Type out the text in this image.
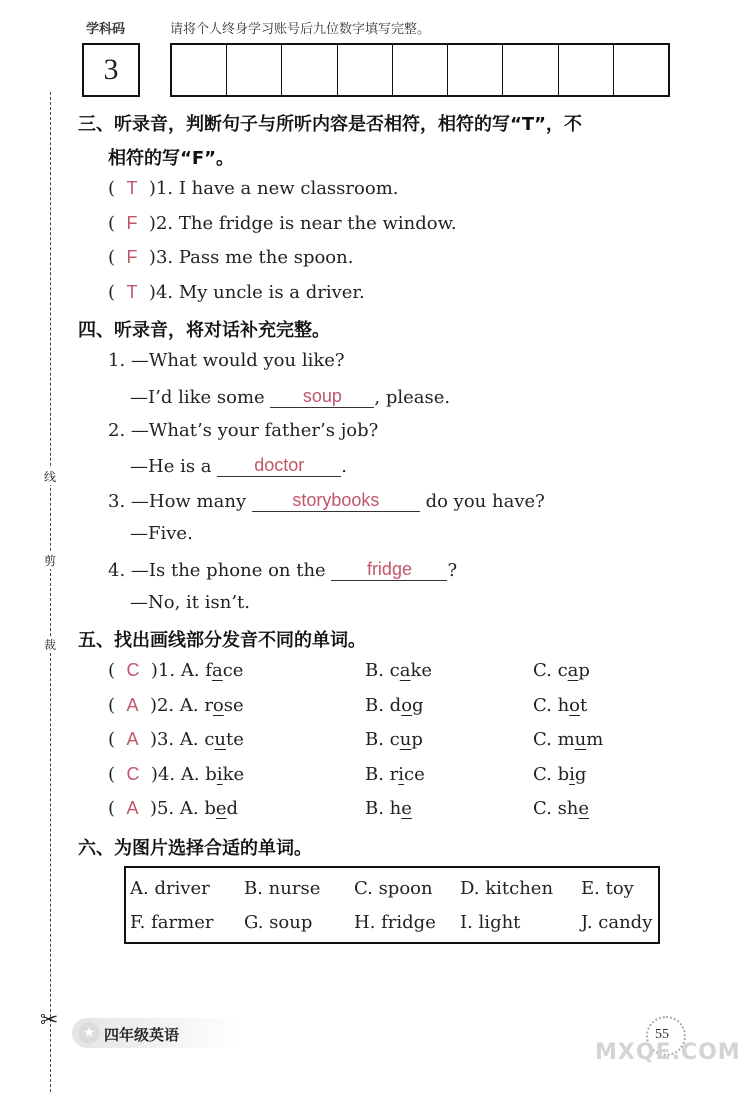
学科码	请将个人终身学习账号后九位数字填写完整。
3
线
剪
裁
✂
三、听录音，判断句子与所听内容是否相符，相符的写“T”，不
相符的写“F”。
(  T )1. I have a new classroom.
(  F )2. The fridge is near the window.
(  F )3. Pass me the spoon.
(  T )4. My uncle is a driver.
四、听录音，将对话补充完整。
1. —What would you like?
—I’d like some soup , please.
2. —What’s your father’s job?
—He is a doctor .
3. —How many	storybooks	do you have?
—Five.
4. —Is the phone on the fridge ?
—No, it isn’t.
五、找出画线部分发音不同的单词。
(  C )1. A. face	B. cake	C. cap
(  A )2. A. rose	B. dog	C. hot
(  A )3. A. cute	B. cup	C. mum
(  C )4. A. bike	B. rice	C. big
(  A )5. A. bed	B. he	C. she
六、为图片选择合适的单词。
A. driver B. nurse C. spoon D. kitchen E. toy
F. farmer G. soup H. fridge I. light	J. candy
★ 四年级英语	55
MXQE.COM
